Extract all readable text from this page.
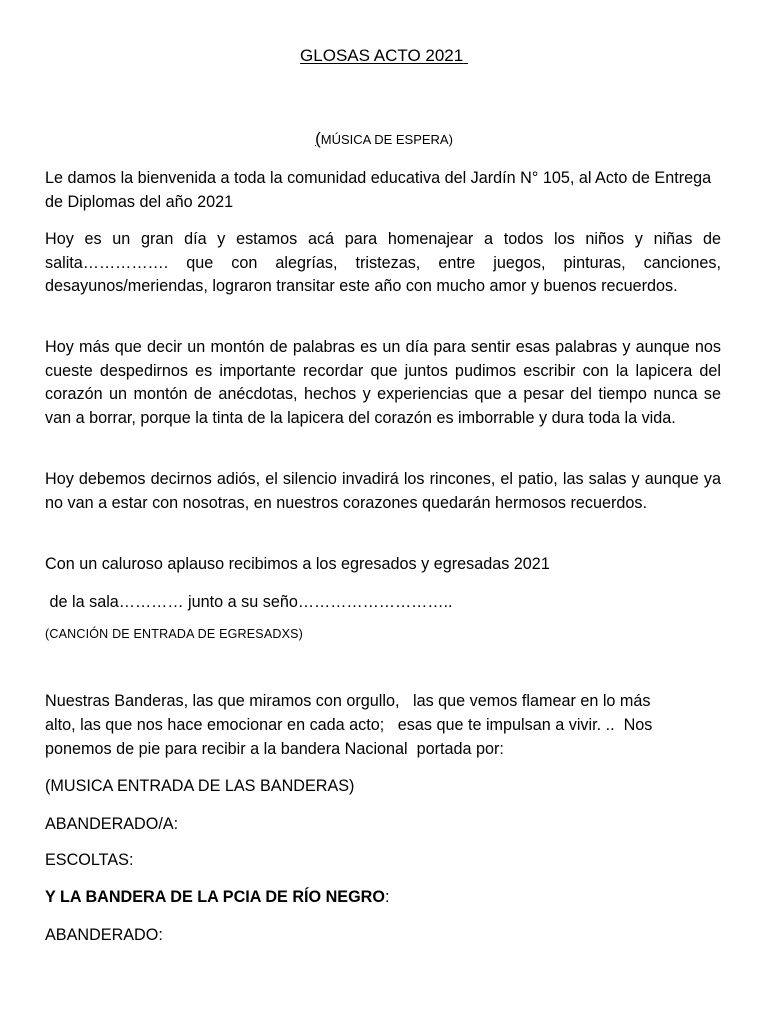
GLOSAS ACTO 2021
(MÚSICA DE ESPERA)

Le damos la bienvenida a toda la comunidad educativa del Jardín N° 105, al Acto de Entrega de Diplomas del año 2021

Hoy es un gran día y estamos acá para homenajear a todos los niños y niñas de salita……………. que con alegrías, tristezas, entre juegos, pinturas, canciones, desayunos/meriendas, lograron transitar este año con mucho amor y buenos recuerdos.

Hoy más que decir un montón de palabras es un día para sentir esas palabras y aunque nos cueste despedirnos es importante recordar que juntos pudimos escribir con la lapicera del corazón un montón de anécdotas, hechos y experiencias que a pesar del tiempo nunca se van a borrar, porque la tinta de la lapicera del corazón es imborrable y dura toda la vida.

Hoy debemos decirnos adiós, el silencio invadirá los rincones, el patio, las salas y aunque ya no van a estar con nosotras, en nuestros corazones quedarán hermosos recuerdos.

Con un caluroso aplauso recibimos a los egresados y egresadas 2021
de la sala………… junto a su seño………………………..
(CANCIÓN DE ENTRADA DE EGRESADXS)
Nuestras Banderas, las que miramos con orgullo,   las que vemos flamear en lo más
alto, las que nos hace emocionar en cada acto;   esas que te impulsan a vivir. ..  Nos
ponemos de pie para recibir a la bandera Nacional  portada por:
(MUSICA ENTRADA DE LAS BANDERAS)
ABANDERADO/A:
ESCOLTAS:
Y LA BANDERA DE LA PCIA DE RÍO NEGRO:
ABANDERADO:
